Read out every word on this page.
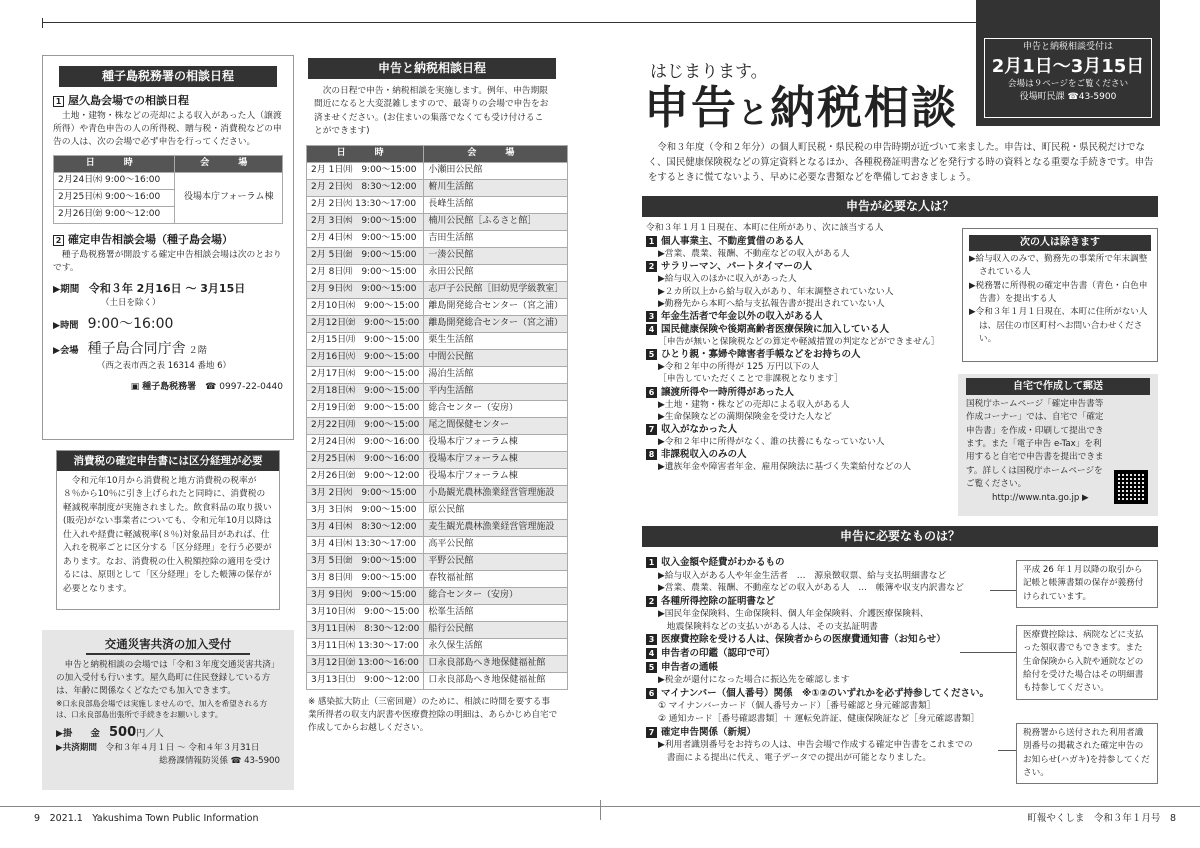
種子島税務署の相談日程
1 屋久島会場での相談日程
土地・建物・株などの売却による収入があった人（譲渡所得）や青色申告の人の所得税、贈与税・消費税などの申告の人は、次の会場で必ず申告を行ってください。
日　時	会　場
2月24日㈬ 9:00～16:00	役場本庁フォーラム棟
2月25日㈭ 9:00～16:00	
2月26日㈮ 9:00～12:00	
2 確定申告相談会場（種子島会場）
種子島税務署が開設する確定申告相談会場は次のとおりです。
▶期間　 令和３年 2月16日 ～ 3月15日
（土日を除く）
▶時間　 9:00～16:00
▶会場　 種子島合同庁舎 ２階
（西之表市西之表 16314 番地 6）
▣ 種子島税務署　 ☎ 0997-22-0440
消費税の確定申告書には区分経理が必要
令和元年10月から消費税と地方消費税の税率が８％から10％に引き上げられたと同時に、消費税の軽減税率制度が実施されました。飲食料品の取り扱い(販売)がない事業者についても、令和元年10月以降は仕入れや経費に軽減税率(８％)対象品目があれば、仕入れを税率ごとに区分する「区分経理」を行う必要があります。なお、消費税の仕入税額控除の適用を受けるには、原則として「区分経理」をした帳簿の保存が必要となります。
交通災害共済の加入受付
申告と納税相談の会場では「令和３年度交通災害共済」の加入受付も行います。屋久島町に住民登録している方は、年齢に関係なくどなたでも加入できます。
※口永良部島会場では実施しませんので、加入を希望される方は、口永良部島出張所で手続きをお願いします。
▶掛　　金　 500円／人
▶共済期間　 令和３年４月１日 ～ 令和４年３月31日
総務課情報防災係 ☎ 43-5900
申告と納税相談日程
次の日程で申告・納税相談を実施します。例年、申告期限間近になると大変混雑しますので、最寄りの会場で申告をお済ませください。(お住まいの集落でなくても受け付けることができます)
日　時	会　場
2月 1日㈪　9:00～15:00	小瀬田公民館
2月 2日㈫　8:30～12:00	椨川生活館
2月 2日㈫ 13:30～17:00	長峰生活館
2月 3日㈬　9:00～15:00	楠川公民館［ふるさと館］
2月 4日㈭　9:00～15:00	吉田生活館
2月 5日㈮　9:00～15:00	一湊公民館
2月 8日㈪　9:00～15:00	永田公民館
2月 9日㈫　9:00～15:00	志戸子公民館［旧幼児学級教室］
2月10日㈬　9:00～15:00	離島開発総合センター（宮之浦）
2月12日㈮　9:00～15:00	離島開発総合センター（宮之浦）
2月15日㈪　9:00～15:00	栗生生活館
2月16日㈫　9:00～15:00	中間公民館
2月17日㈬　9:00～15:00	湯泊生活館
2月18日㈭　9:00～15:00	平内生活館
2月19日㈮　9:00～15:00	総合センター（安房）
2月22日㈪　9:00～15:00	尾之間保健センター
2月24日㈬　9:00～16:00	役場本庁フォーラム棟
2月25日㈭　9:00～16:00	役場本庁フォーラム棟
2月26日㈮　9:00～12:00	役場本庁フォーラム棟
3月 2日㈫　9:00～15:00	小島観光農林漁業経営管理施設
3月 3日㈬　9:00～15:00	原公民館
3月 4日㈭　8:30～12:00	麦生観光農林漁業経営管理施設
3月 4日㈭ 13:30～17:00	高平公民館
3月 5日㈮　9:00～15:00	平野公民館
3月 8日㈪　9:00～15:00	春牧福祉館
3月 9日㈫　9:00～15:00	総合センター（安房）
3月10日㈬　9:00～15:00	松峯生活館
3月11日㈭　8:30～12:00	船行公民館
3月11日㈭ 13:30～17:00	永久保生活館
3月12日㈮ 13:00～16:00	口永良部島へき地保健福祉館
3月13日㈯　9:00～12:00	口永良部島へき地保健福祉館
※ 感染拡大防止（三密回避）のために、相談に時間を要する事業所得者の収支内訳書や医療費控除の明細は、あらかじめ自宅で作成してからお越しください。
はじまります。
申告と納税相談
申告と納税相談受付は
2月1日～3月15日
会場は９ページをご覧ください
役場町民課 ☎43-5900
令和３年度（令和２年分）の個人町民税・県民税の申告時期が近づいて来ました。申告は、町民税・県民税だけでなく、国民健康保険税などの算定資料となるほか、各種税務証明書などを発行する時の資料となる重要な手続きです。申告をするときに慌てないよう、早めに必要な書類などを準備しておきましょう。
申告が必要な人は？
令和３年１月１日現在、本町に住所があり、次に該当する人
1 個人事業主、不動産賃借のある人
▶営業、農業、報酬、不動産などの収入がある人
2 サラリーマン、パートタイマーの人
▶給与収入のほかに収入があった人
▶２カ所以上から給与収入があり、年末調整されていない人
▶勤務先から本町へ給与支払報告書が提出されていない人
3 年金生活者で年金以外の収入がある人
4 国民健康保険や後期高齢者医療保険に加入している人
［申告が無いと保険税などの算定や軽減措置の判定などができません］
5 ひとり親・寡婦や障害者手帳などをお持ちの人
▶令和２年中の所得が 125 万円以下の人
［申告していただくことで非課税となります］
6 譲渡所得や一時所得があった人
▶土地・建物・株などの売却による収入がある人
▶生命保険などの満期保険金を受けた人など
7 収入がなかった人
▶令和２年中に所得がなく、誰の扶養にもなっていない人
8 非課税収入のみの人
▶遺族年金や障害者年金、雇用保険法に基づく失業給付などの人
次の人は除きます
▶給与収入のみで、勤務先の事業所で年末調整されている人
▶税務署に所得税の確定申告書（青色・白色申告書）を提出する人
▶令和３年１月１日現在、本町に住所がない人は、居住の市区町村へお問い合わせください。
自宅で作成して郵送
国税庁ホームページ「確定申告書等作成コーナー」では、自宅で「確定申告書」を作成・印刷して提出できます。また「電子申告 e-Tax」を利用すると自宅で申告書を提出できます。詳しくは国税庁ホームページをご覧ください。
http://www.nta.go.jp ▶
申告に必要なものは？
1 収入金額や経費がわかるもの
▶給与収入がある人や年金生活者　…　源泉徴収票、給与支払明細書など
▶営業、農業、報酬、不動産などの収入がある人　…　帳簿や収支内訳書など
2 各種所得控除の証明書など
▶国民年金保険料、生命保険料、個人年金保険料、介護医療保険料、
　地震保険料などの支払いがある人は、その支払証明書
3 医療費控除を受ける人は、保険者からの医療費通知書（お知らせ）
4 申告者の印鑑（認印で可）
5 申告者の通帳
▶税金が還付になった場合に振込先を確認します
6 マイナンバー（個人番号）関係　※①②のいずれかを必ず持参してください。
① マイナンバーカード（個人番号カード）［番号確認と身元確認書類］
② 通知カード［番号確認書類］＋ 運転免許証、健康保険証など［身元確認書類］
7 確定申告関係（新規）
▶利用者識別番号をお持ちの人は、申告会場で作成する確定申告書をこれまでの
　書面による提出に代え、電子データでの提出が可能となりました。
平成 26 年１月以降の取引から記帳と帳簿書類の保存が義務付けられています。
医療費控除は、病院などに支払った領収書でもできます。また生命保険から入院や通院などの給付を受けた場合はその明細書も持参してください。
税務署から送付された利用者識別番号の掲載された確定申告のお知らせ(ハガキ)を持参してください。
9　 2021.1　Yakushima Town Public Information	町報やくしま　令和３年１月号　 8
